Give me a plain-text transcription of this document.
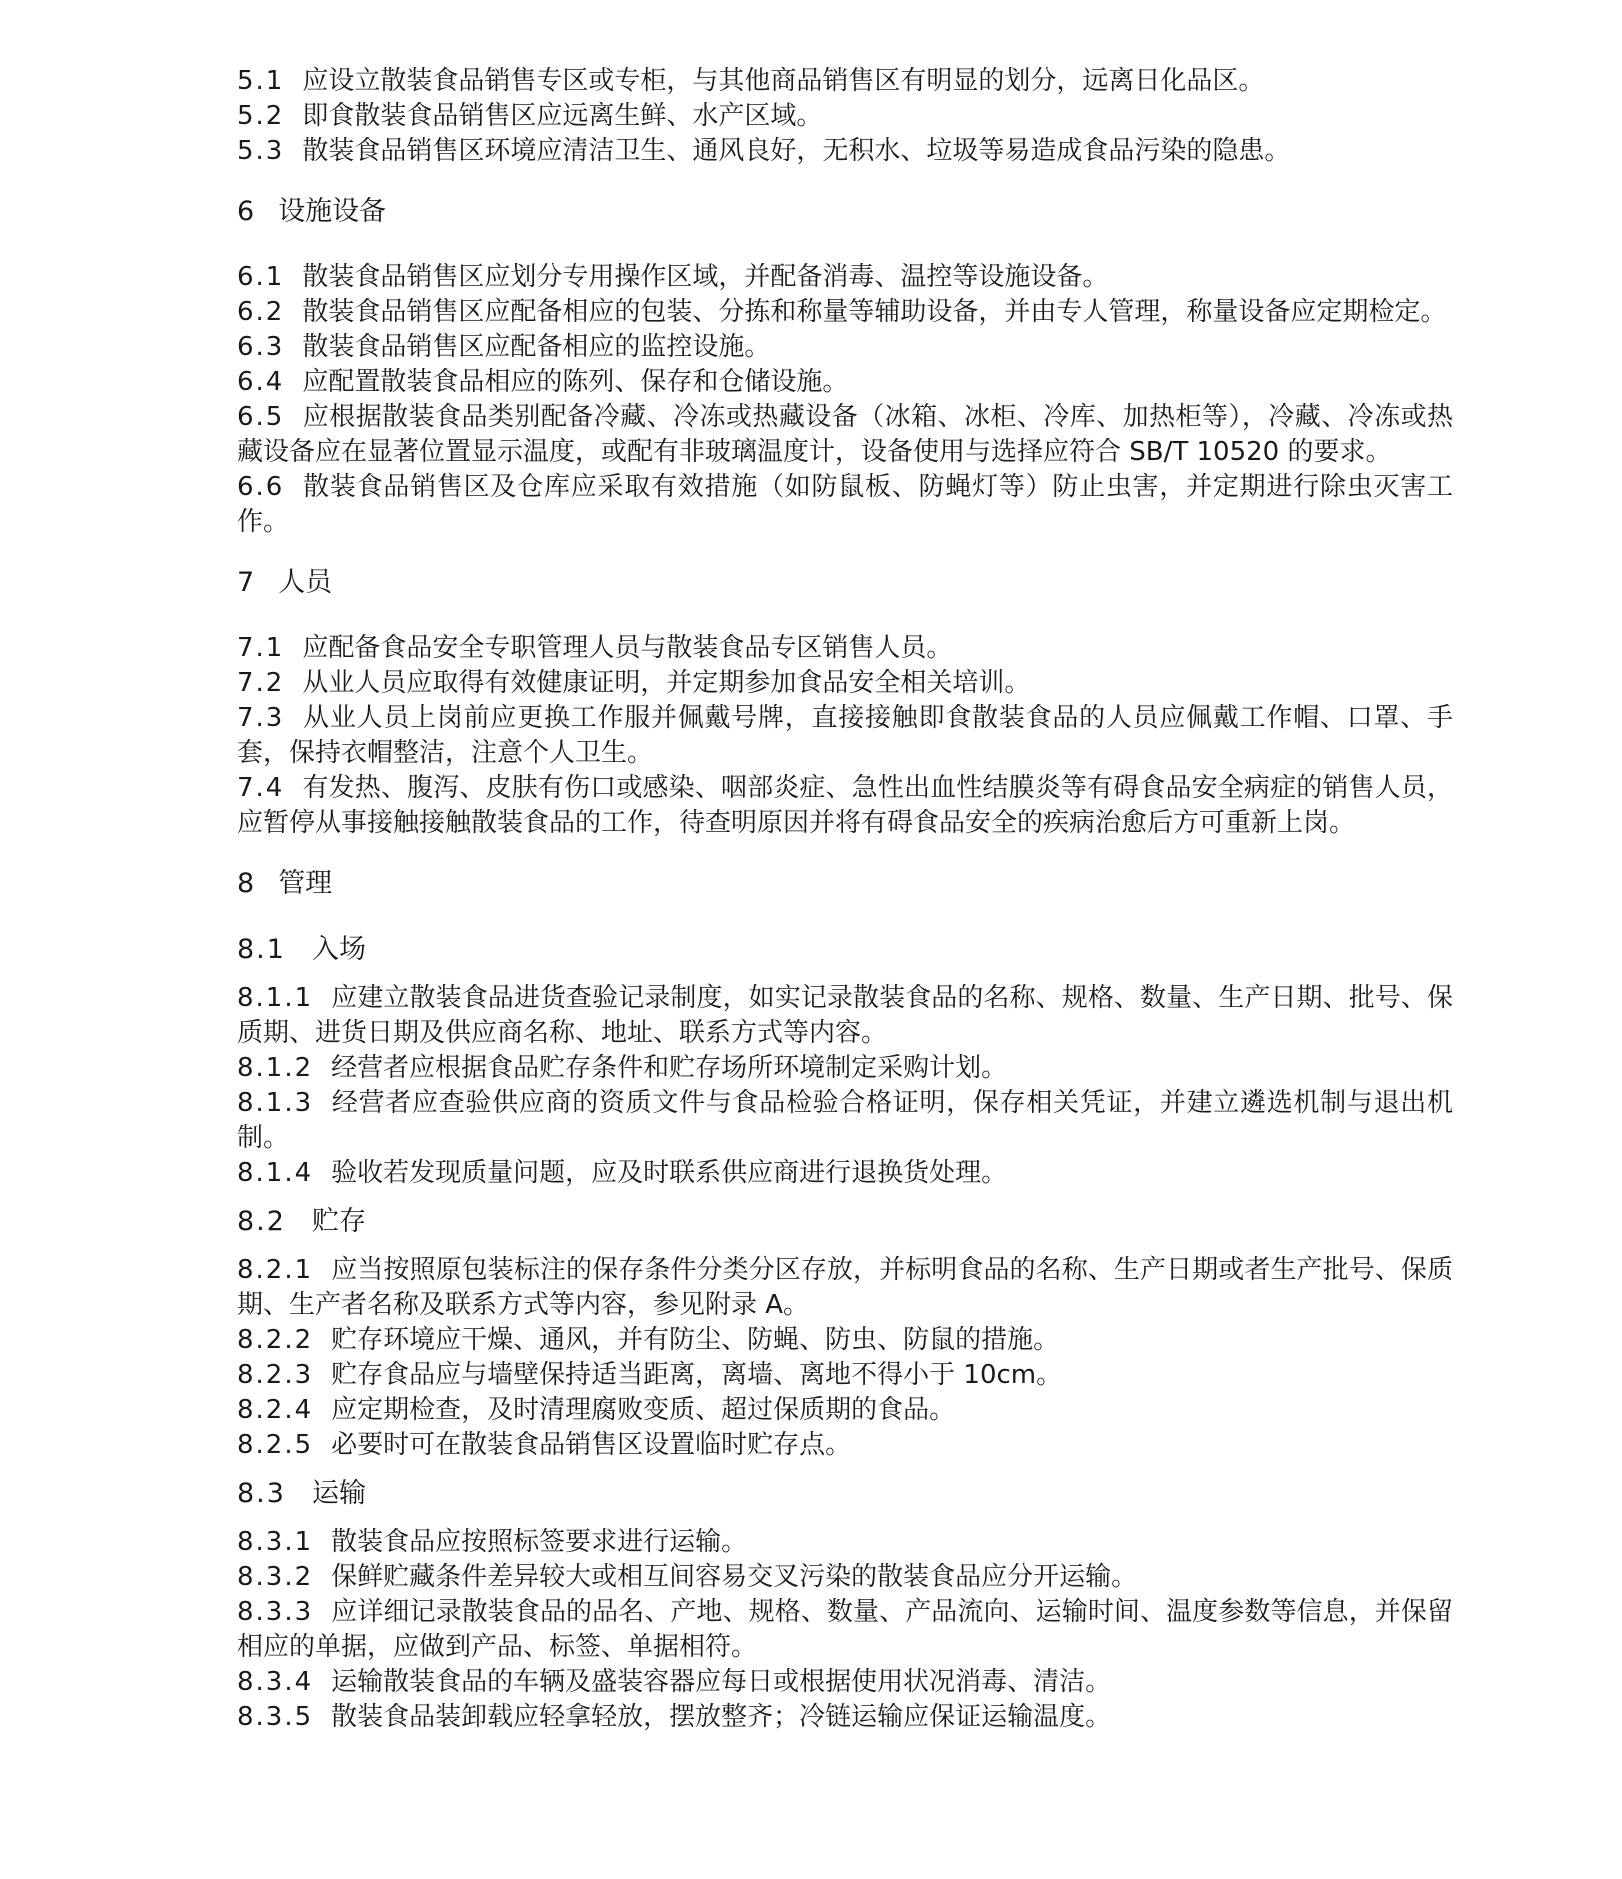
5.1 应设立散装食品销售专区或专柜，与其他商品销售区有明显的划分，远离日化品区。

5.2 即食散装食品销售区应远离生鲜、水产区域。

5.3 散装食品销售区环境应清洁卫生、通风良好，无积水、垃圾等易造成食品污染的隐患。

6 设施设备

6.1 散装食品销售区应划分专用操作区域，并配备消毒、温控等设施设备。

6.2 散装食品销售区应配备相应的包装、分拣和称量等辅助设备，并由专人管理，称量设备应定期检定。

6.3 散装食品销售区应配备相应的监控设施。

6.4 应配置散装食品相应的陈列、保存和仓储设施。

6.5 应根据散装食品类别配备冷藏、冷冻或热藏设备（冰箱、冰柜、冷库、加热柜等），冷藏、冷冻或热藏设备应在显著位置显示温度，或配有非玻璃温度计，设备使用与选择应符合 SB/T 10520 的要求。

6.6 散装食品销售区及仓库应采取有效措施（如防鼠板、防蝇灯等）防止虫害，并定期进行除虫灭害工作。

7 人员

7.1 应配备食品安全专职管理人员与散装食品专区销售人员。

7.2 从业人员应取得有效健康证明，并定期参加食品安全相关培训。

7.3 从业人员上岗前应更换工作服并佩戴号牌，直接接触即食散装食品的人员应佩戴工作帽、口罩、手套，保持衣帽整洁，注意个人卫生。

7.4 有发热、腹泻、皮肤有伤口或感染、咽部炎症、急性出血性结膜炎等有碍食品安全病症的销售人员，应暂停从事接触接触散装食品的工作，待查明原因并将有碍食品安全的疾病治愈后方可重新上岗。

8 管理

8.1 入场

8.1.1 应建立散装食品进货查验记录制度，如实记录散装食品的名称、规格、数量、生产日期、批号、保质期、进货日期及供应商名称、地址、联系方式等内容。

8.1.2 经营者应根据食品贮存条件和贮存场所环境制定采购计划。

8.1.3 经营者应查验供应商的资质文件与食品检验合格证明，保存相关凭证，并建立遴选机制与退出机制。

8.1.4 验收若发现质量问题，应及时联系供应商进行退换货处理。

8.2 贮存

8.2.1 应当按照原包装标注的保存条件分类分区存放，并标明食品的名称、生产日期或者生产批号、保质期、生产者名称及联系方式等内容，参见附录 A。

8.2.2 贮存环境应干燥、通风，并有防尘、防蝇、防虫、防鼠的措施。

8.2.3 贮存食品应与墙壁保持适当距离，离墙、离地不得小于 10cm。

8.2.4 应定期检查，及时清理腐败变质、超过保质期的食品。

8.2.5 必要时可在散装食品销售区设置临时贮存点。

8.3 运输

8.3.1 散装食品应按照标签要求进行运输。

8.3.2 保鲜贮藏条件差异较大或相互间容易交叉污染的散装食品应分开运输。

8.3.3 应详细记录散装食品的品名、产地、规格、数量、产品流向、运输时间、温度参数等信息，并保留相应的单据，应做到产品、标签、单据相符。

8.3.4 运输散装食品的车辆及盛装容器应每日或根据使用状况消毒、清洁。

8.3.5 散装食品装卸载应轻拿轻放，摆放整齐；冷链运输应保证运输温度。
